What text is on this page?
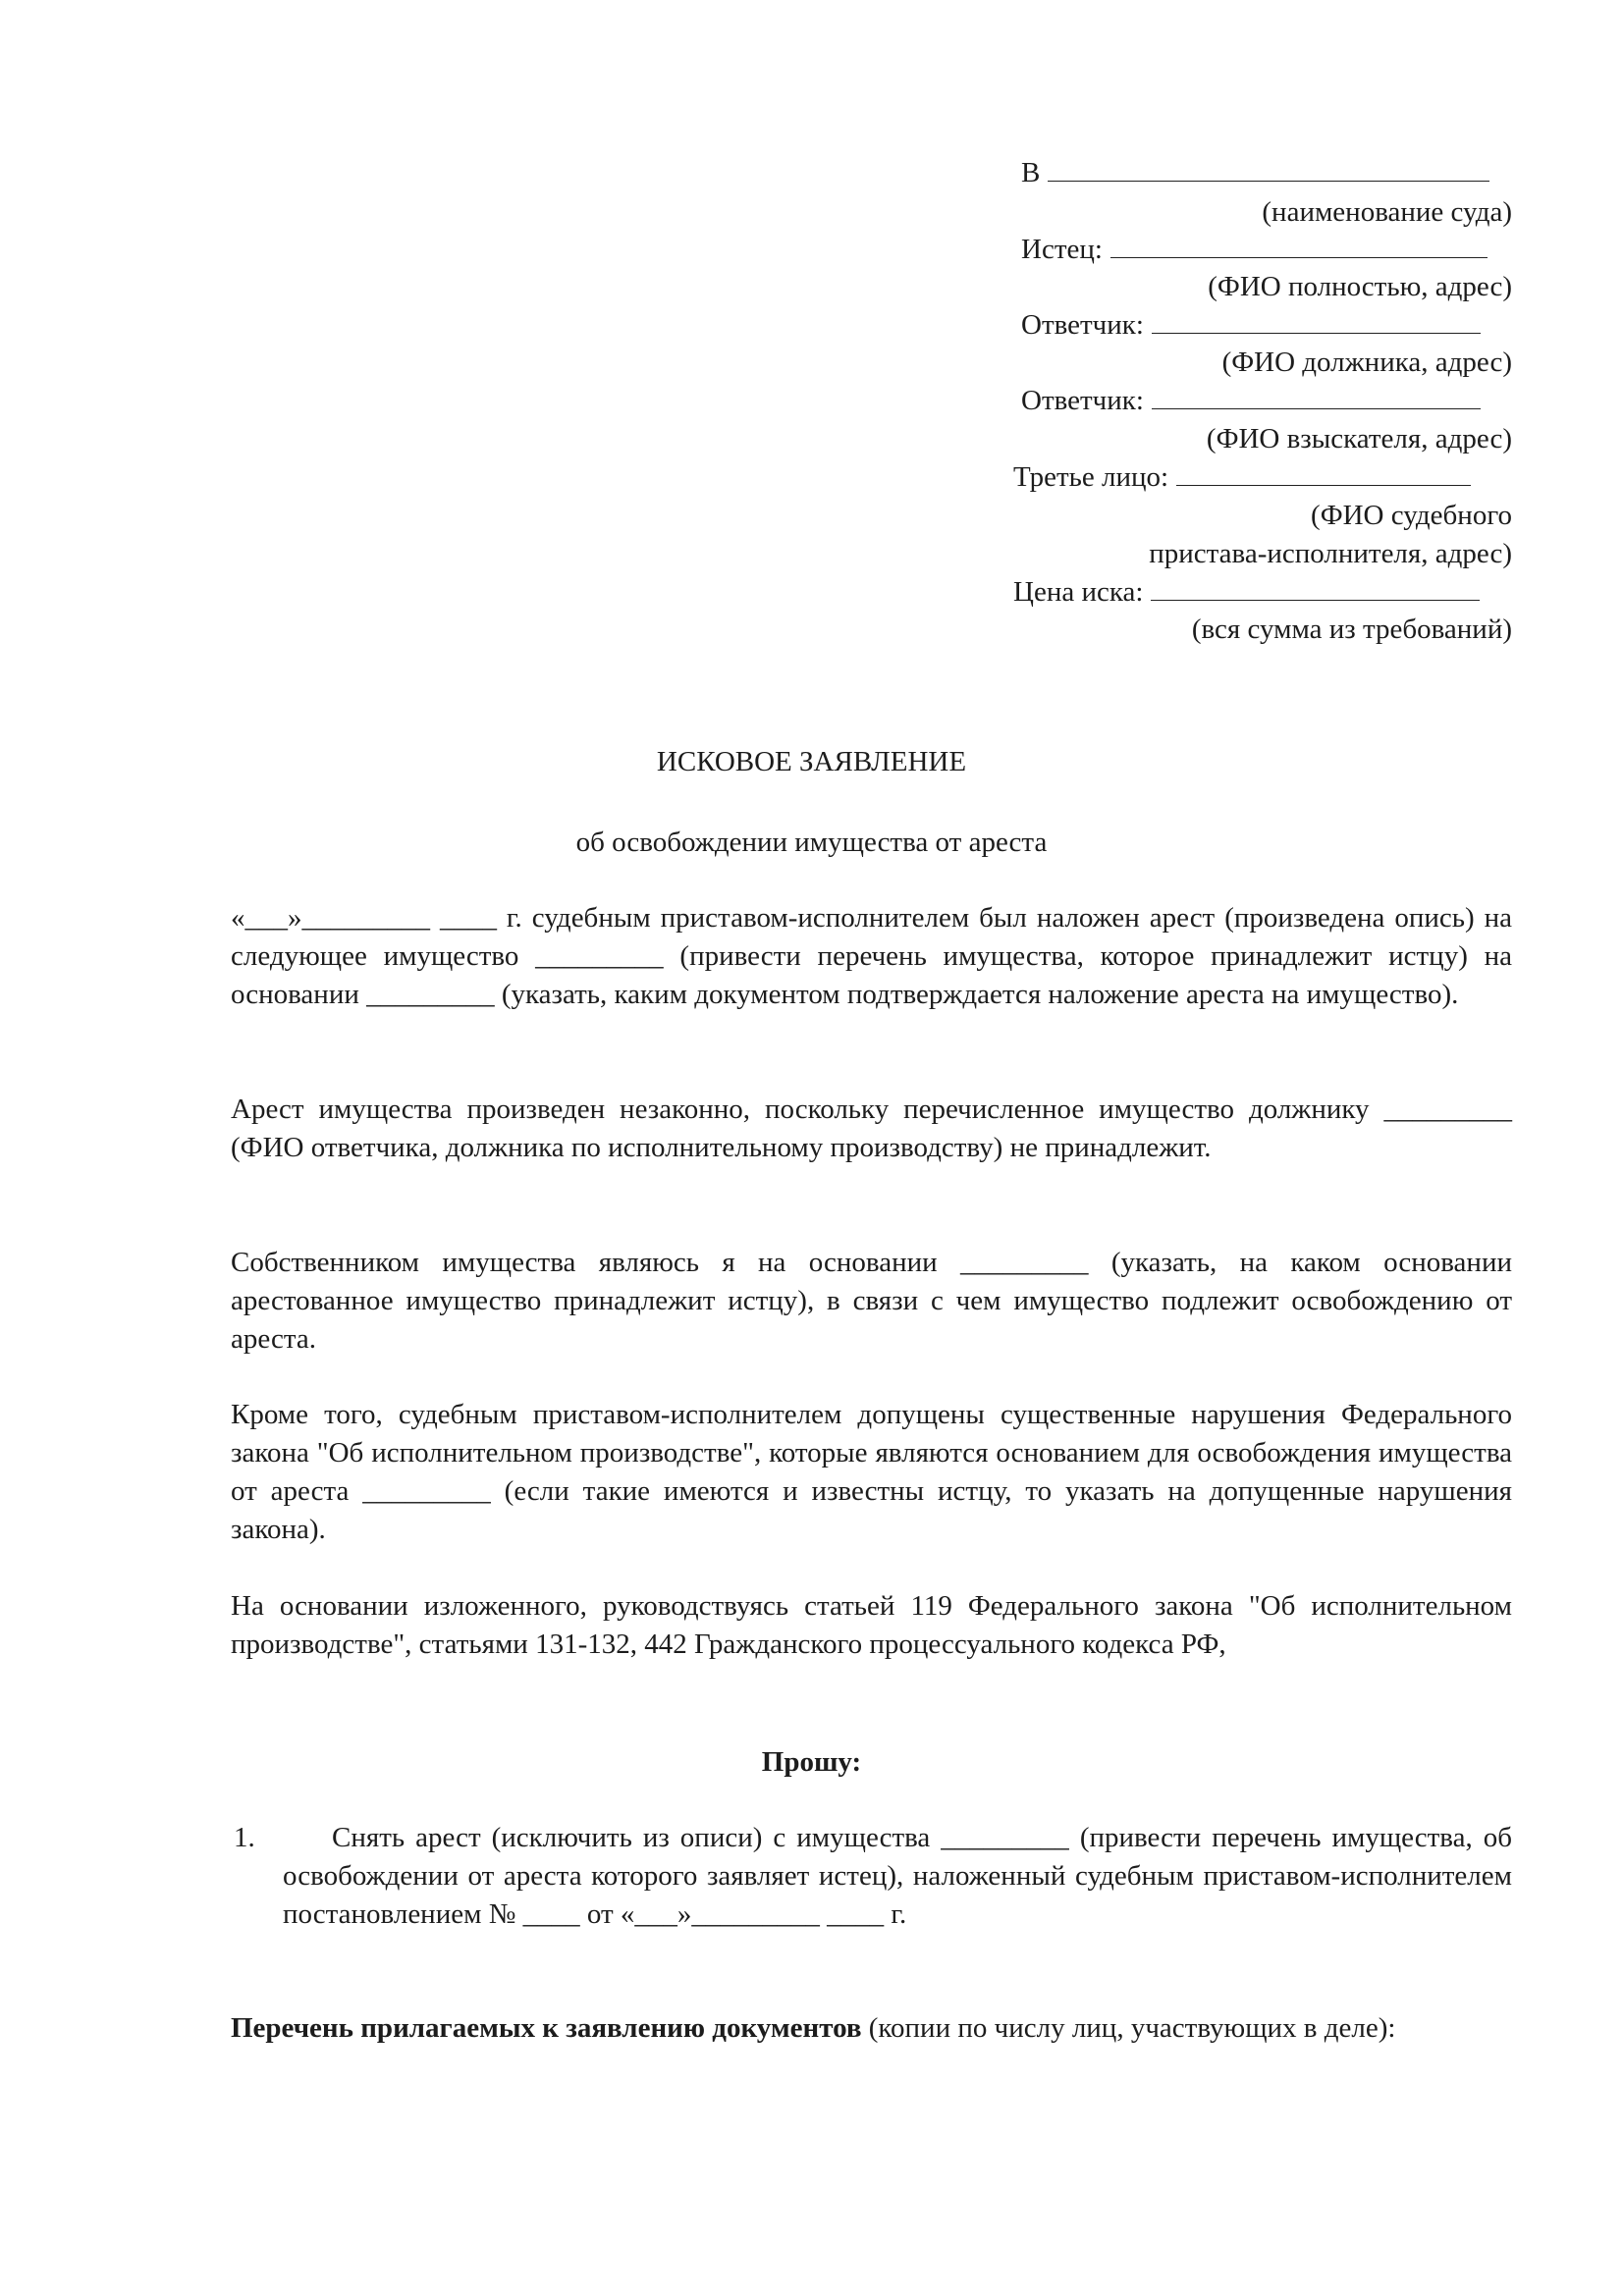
В
(наименование суда)
Истец:
(ФИО полностью, адрес)
Ответчик:
(ФИО должника, адрес)
Ответчик:
(ФИО взыскателя, адрес)
Третье лицо:
(ФИО судебного
пристава-исполнителя, адрес)
Цена иска:
(вся сумма из требований)
ИСКОВОЕ ЗАЯВЛЕНИЕ
об освобождении имущества от ареста

«___»_________ ____ г. судебным приставом-исполнителем был наложен арест (произведена опись) на следующее имущество _________ (привести перечень имущества, которое принадлежит истцу) на основании _________ (указать, каким документом подтверждается наложение ареста на имущество).

Арест имущества произведен незаконно, поскольку перечисленное имущество должнику _________ (ФИО ответчика, должника по исполнительному производству) не принадлежит.

Собственником имущества являюсь я на основании _________ (указать, на каком основании арестованное имущество принадлежит истцу), в связи с чем имущество подлежит освобождению от ареста.

Кроме того, судебным приставом-исполнителем допущены существенные нарушения Федерального закона "Об исполнительном производстве", которые являются основанием для освобождения имущества от ареста _________ (если такие имеются и известны истцу, то указать на допущенные нарушения закона).

На основании изложенного, руководствуясь статьей 119 Федерального закона "Об исполнительном производстве", статьями 131-132, 442 Гражданского процессуального кодекса РФ,

Прошу:
1.	Снять арест (исключить из описи) с имущества _________ (привести перечень имущества, об освобождении от ареста которого заявляет истец), наложенный судебным приставом-исполнителем постановлением № ____ от «___»_________ ____ г.

Перечень прилагаемых к заявлению документов (копии по числу лиц, участвующих в деле):
